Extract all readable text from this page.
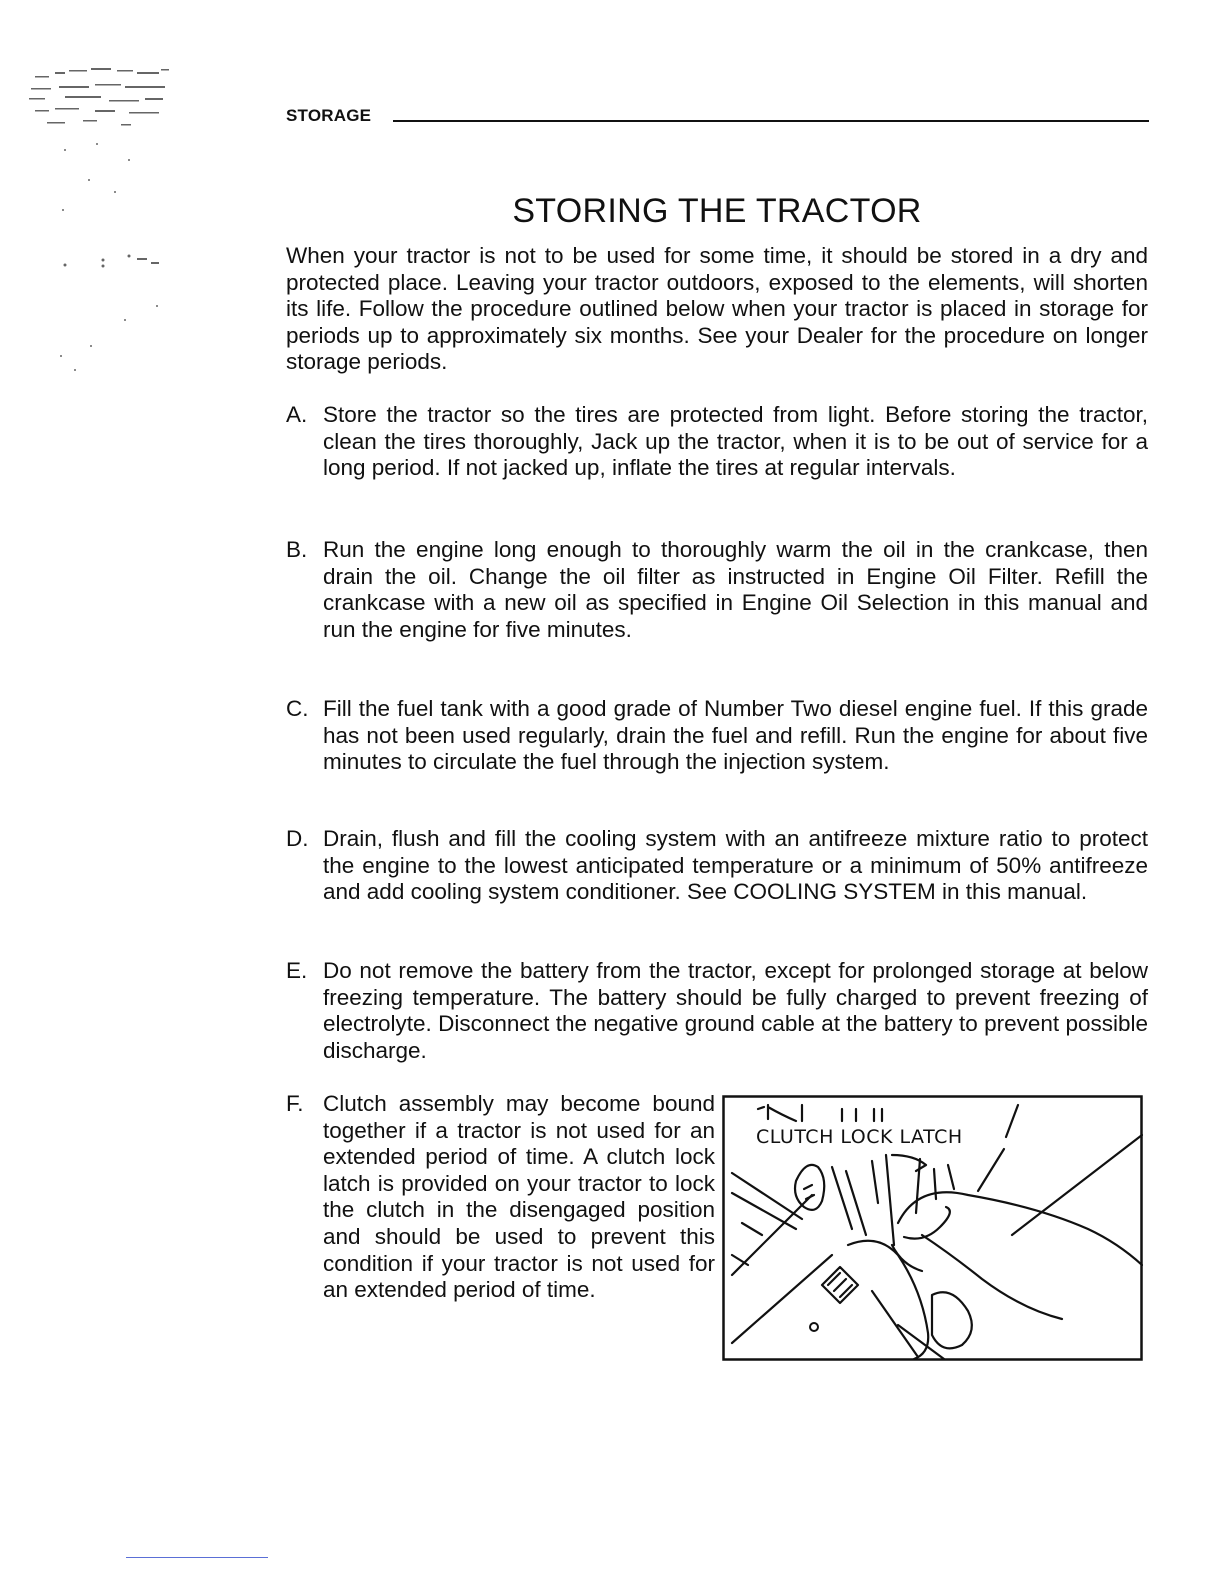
STORAGE
STORING THE TRACTOR

When your tractor is not to be used for some time, it should be stored in a dry and protected place. Leaving your tractor outdoors, exposed to the elements, will shorten its life. Follow the procedure outlined below when your tractor is placed in storage for periods up to approximately six months. See your Dealer for the procedure on longer storage periods.

A. Store the tractor so the tires are protected from light. Before storing the tractor, clean the tires thoroughly, Jack up the tractor, when it is to be out of service for a long period. If not jacked up, inflate the tires at regular intervals.
B. Run the engine long enough to thoroughly warm the oil in the crankcase, then drain the oil. Change the oil filter as instructed in Engine Oil Filter. Refill the crankcase with a new oil as specified in Engine Oil Selection in this manual and run the engine for five minutes.
C. Fill the fuel tank with a good grade of Number Two diesel engine fuel. If this grade has not been used regularly, drain the fuel and refill. Run the engine for about five minutes to circulate the fuel through the injection system.
D. Drain, flush and fill the cooling system with an antifreeze mixture ratio to protect the engine to the lowest anticipated temperature or a minimum of 50% antifreeze and add cooling system conditioner. See COOLING SYSTEM in this manual.
E. Do not remove the battery from the tractor, except for prolonged storage at below freezing temperature. The battery should be fully charged to prevent freezing of electrolyte. Disconnect the negative ground cable at the battery to prevent possible discharge.
F. Clutch assembly may become bound together if a tractor is not used for an extended period of time. A clutch lock latch is provided on your tractor to lock the clutch in the disengaged position and should be used to prevent this condition if your tractor is not used for an extended period of time.
CLUTCH LOCK LATCH
